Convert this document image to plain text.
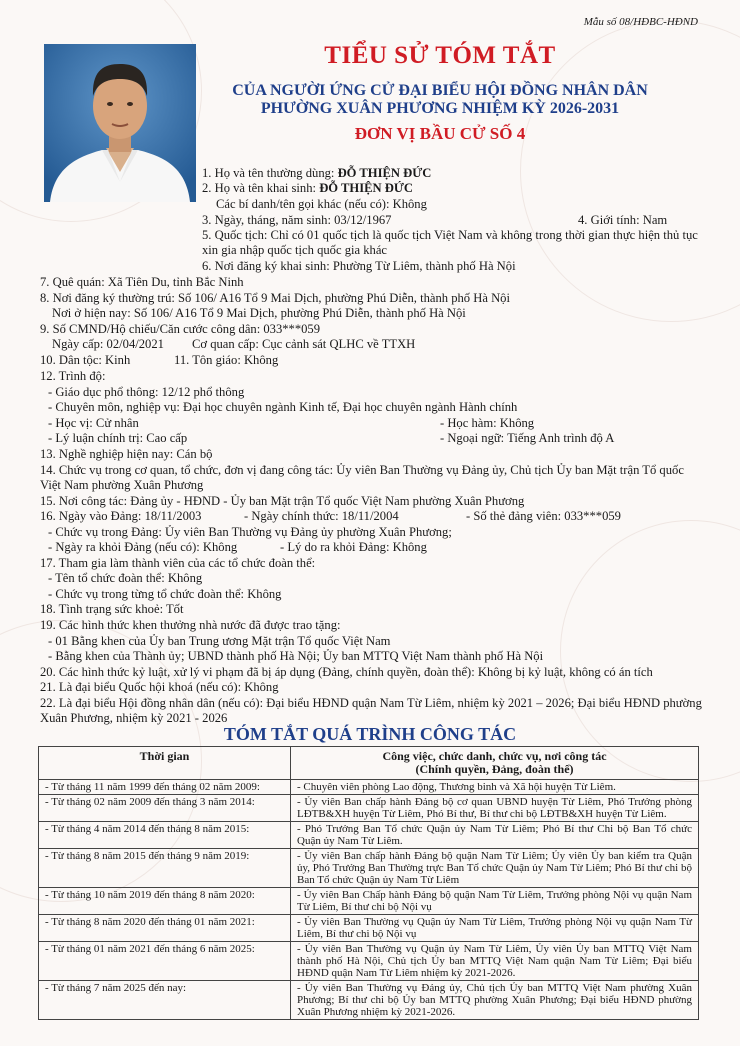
Mẫu số 08/HĐBC-HĐND
TIỂU SỬ TÓM TẮT
CỦA NGƯỜI ỨNG CỬ ĐẠI BIỂU HỘI ĐỒNG NHÂN DÂN
PHƯỜNG XUÂN PHƯƠNG NHIỆM KỲ 2026-2031
ĐƠN VỊ BẦU CỬ SỐ 4
1. Họ và tên thường dùng: ĐỖ THIỆN ĐỨC
2. Họ và tên khai sinh: ĐỖ THIỆN ĐỨC
Các bí danh/tên gọi khác (nếu có): Không
3. Ngày, tháng, năm sinh: 03/12/1967	4. Giới tính: Nam
5. Quốc tịch: Chỉ có 01 quốc tịch là quốc tịch Việt Nam và không trong thời gian thực hiện thủ tục xin gia nhập quốc tịch quốc gia khác
6. Nơi đăng ký khai sinh: Phường Từ Liêm, thành phố Hà Nội
7. Quê quán: Xã Tiên Du, tỉnh Bắc Ninh
8. Nơi đăng ký thường trú: Số 106/ A16 Tổ 9 Mai Dịch, phường Phú Diễn, thành phố Hà Nội
Nơi ở hiện nay: Số 106/ A16 Tổ 9 Mai Dịch, phường Phú Diễn, thành phố Hà Nội
9. Số CMND/Hộ chiếu/Căn cước công dân: 033***059
Ngày cấp: 02/04/2021 Cơ quan cấp: Cục cảnh sát QLHC về TTXH
10. Dân tộc: Kinh	11. Tôn giáo: Không
12. Trình độ:
- Giáo dục phổ thông: 12/12 phổ thông
- Chuyên môn, nghiệp vụ: Đại học chuyên ngành Kinh tế, Đại học chuyên ngành Hành chính
- Học vị: Cử nhân	- Học hàm: Không
- Lý luận chính trị: Cao cấp	- Ngoại ngữ: Tiếng Anh trình độ A
13. Nghề nghiệp hiện nay: Cán bộ
14. Chức vụ trong cơ quan, tổ chức, đơn vị đang công tác: Ủy viên Ban Thường vụ Đảng ủy, Chủ tịch Ủy ban Mặt trận Tổ quốc Việt Nam phường Xuân Phương
15. Nơi công tác: Đảng ủy - HĐND - Ủy ban Mặt trận Tổ quốc Việt Nam phường Xuân Phương
16. Ngày vào Đảng: 18/11/2003	- Ngày chính thức: 18/11/2004	- Số thẻ đảng viên: 033***059
- Chức vụ trong Đảng: Ủy viên Ban Thường vụ Đảng ủy phường Xuân Phương;
- Ngày ra khỏi Đảng (nếu có): Không	- Lý do ra khỏi Đảng: Không
17. Tham gia làm thành viên của các tổ chức đoàn thể:
- Tên tổ chức đoàn thể: Không
- Chức vụ trong từng tổ chức đoàn thể: Không
18. Tình trạng sức khoẻ: Tốt
19. Các hình thức khen thưởng nhà nước đã được trao tặng:
- 01 Bằng khen của Ủy ban Trung ương Mặt trận Tổ quốc Việt Nam
- Bằng khen của Thành ủy; UBND thành phố Hà Nội; Ủy ban MTTQ Việt Nam thành phố Hà Nội
20. Các hình thức kỷ luật, xử lý vi phạm đã bị áp dụng (Đảng, chính quyền, đoàn thể): Không bị kỷ luật, không có án tích
21. Là đại biểu Quốc hội khoá (nếu có): Không
22. Là đại biểu Hội đồng nhân dân (nếu có): Đại biểu HĐND quận Nam Từ Liêm, nhiệm kỳ 2021 – 2026; Đại biểu HĐND phường Xuân Phương, nhiệm kỳ 2021 - 2026
TÓM TẮT QUÁ TRÌNH CÔNG TÁC
Thời gian	Công việc, chức danh, chức vụ, nơi công tác
(Chính quyền, Đảng, đoàn thể)

- Từ tháng 11 năm 1999 đến tháng 02 năm 2009:	- Chuyên viên phòng Lao động, Thương binh và Xã hội huyện Từ Liêm.
- Từ tháng 02 năm 2009 đến tháng 3 năm 2014:	- Ủy viên Ban chấp hành Đảng bộ cơ quan UBND huyện Từ Liêm, Phó Trưởng phòng LĐTB&XH huyện Từ Liêm, Phó Bí thư, Bí thư chi bộ LĐTB&XH huyện Từ Liêm.
- Từ tháng 4 năm 2014 đến tháng 8 năm 2015:	- Phó Trưởng Ban Tổ chức Quận ủy Nam Từ Liêm; Phó Bí thư Chi bộ Ban Tổ chức Quận ủy Nam Từ Liêm.
- Từ tháng 8 năm 2015 đến tháng 9 năm 2019:	- Ủy viên Ban chấp hành Đảng bộ quận Nam Từ Liêm; Ủy viên Ủy ban kiểm tra Quận ủy, Phó Trưởng Ban Thường trực Ban Tổ chức Quận ủy Nam Từ Liêm; Phó Bí thư chi bộ Ban Tổ chức Quận ủy Nam Từ Liêm
- Từ tháng 10 năm 2019 đến tháng 8 năm 2020:	- Ủy viên Ban Chấp hành Đảng bộ quận Nam Từ Liêm, Trưởng phòng Nội vụ quận Nam Từ Liêm, Bí thư chi bộ Nội vụ
- Từ tháng 8 năm 2020 đến tháng 01 năm 2021:	- Ủy viên Ban Thường vụ Quận ủy Nam Từ Liêm, Trưởng phòng Nội vụ quận Nam Từ Liêm, Bí thư chi bộ Nội vụ
- Từ tháng 01 năm 2021 đến tháng 6 năm 2025:	- Ủy viên Ban Thường vụ Quận ủy Nam Từ Liêm, Ủy viên Ủy ban MTTQ Việt Nam thành phố Hà Nội, Chủ tịch Ủy ban MTTQ Việt Nam quận Nam Từ Liêm; Đại biểu HĐND quận Nam Từ Liêm nhiệm kỳ 2021-2026.
- Từ tháng 7 năm 2025 đến nay:	- Ủy viên Ban Thường vụ Đảng ủy, Chủ tịch Ủy ban MTTQ Việt Nam phường Xuân Phương; Bí thư chi bộ Ủy ban MTTQ phường Xuân Phương; Đại biểu HĐND phường Xuân Phương nhiệm kỳ 2021-2026.
